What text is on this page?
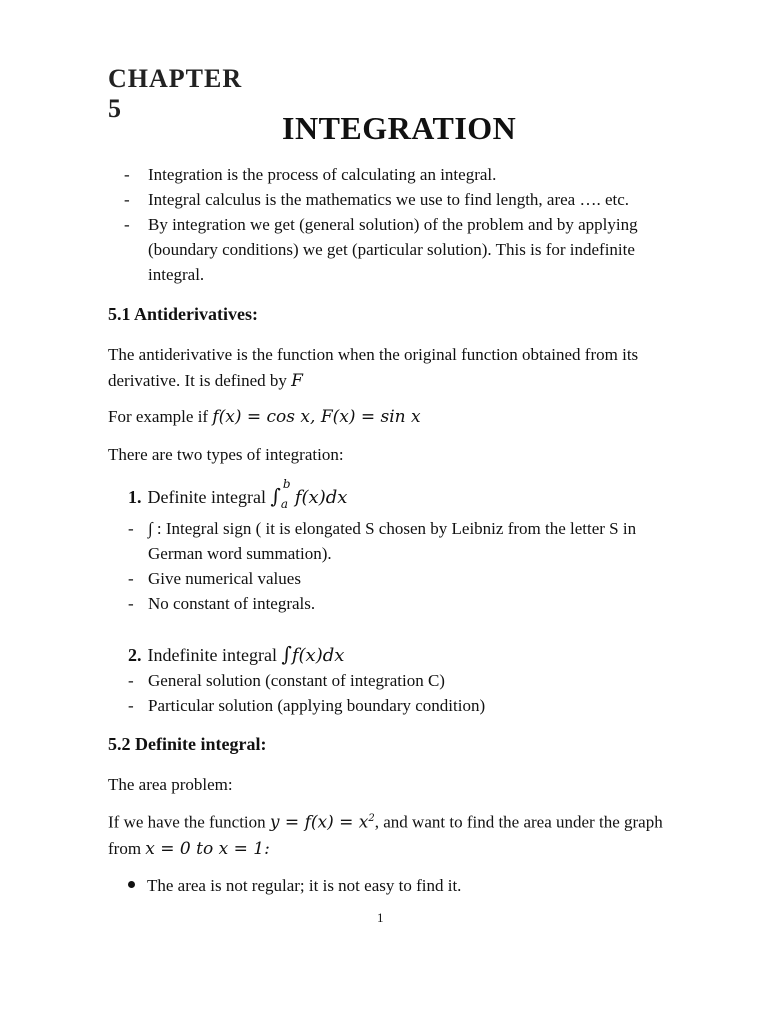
CHAPTER 5
INTEGRATION
- Integration is the process of calculating an integral.
- Integral calculus is the mathematics we use to find length, area …. etc.
- By integration we get (general solution) of the problem and by applying (boundary conditions) we get (particular solution). This is for indefinite integral.
5.1 Antiderivatives:
The antiderivative is the function when the original function obtained from its derivative. It is defined by F
For example if f(x) = cos x, F(x) = sin x
There are two types of integration:
1. Definite integral ∫ b
a f(x)dx
- ∫ : Integral sign ( it is elongated S chosen by Leibniz from the letter S in German word summation).
- Give numerical values
- No constant of integrals.
2. Indefinite integral ∫f(x)dx
- General solution (constant of integration C)
- Particular solution (applying boundary condition)
5.2 Definite integral:
The area problem:
If we have the function $y = f(x) = x^2$, and want to find the area under the graph from x = 0 to x = 1:
The area is not regular; it is not easy to find it.
1
